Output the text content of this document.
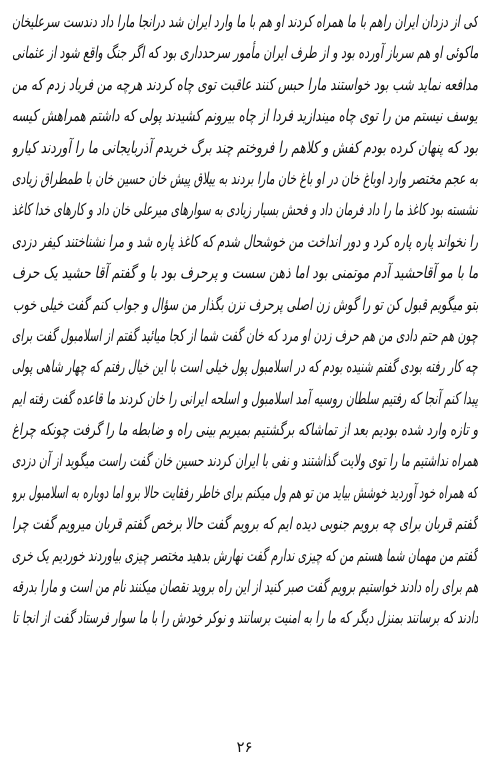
کی از دزدان ایران راهم با ما همراه کردند او هم با ما وارد ایران شد درانجا مارا داد دندست سرعلیخان
ماکوئی او هم سرباز آورده بود و از طرف ایران مأمور سرحدداری بود که اگر جنگ واقع شود از عثمانی
مدافعه نماید شب بود خواستند مارا حبس کنند عاقبت توی چاه کردند هرچه من فریاد زدم که من
یوسف نیستم من را توی چاه میندازید فردا از چاه بیرونم کشیدند پولی که داشتم همراهش کیسه
بود که پنهان کرده بودم کفش و کلاهم را فروختم چند برگ خریدم آذربایجانی ما را آوردند کیارو
به عجم مختصر وارد اوباغ خان در او باغ خان مارا بردند به ییلاق پیش خان حسین خان با طمطراق زیادی
نشسته بود کاغذ ما را داد فرمان داد و فحش بسیار زیادی به سوارهای میرعلی خان داد و کارهای خدا کاغذ
را نخواند پاره پاره کرد و دور انداخت من خوشحال شدم که کاغذ پاره شد و مرا نشناختند کیفر دزدی
ما با مو آقاحشید آدم موتمنی بود اما ذهن سست و پرحرف بود با و گفتم آقا حشید یک حرف
بتو میگویم قبول کن تو را گوش زن اصلی پرحرف نزن بگذار من سؤال و جواب کنم گفت خیلی خوب
چون هم حتم دادی من هم حرف زدن او مرد که خان گفت شما از کجا میائید گفتم از اسلامبول گفت برای
چه کار رفته بودی گفتم شنیده بودم که در اسلامبول پول خیلی است با این خیال رفتم که چهار شاهی پولی
پیدا کنم آنجا که رفتیم سلطان روسیه آمد اسلامبول و اسلحه ایرانی را خان کردند ما قاعده گفت رفته ایم
و تازه وارد شده بودیم بعد از تماشاکه برگشتیم بمیریم بینی راه و ضابطه ما را گرفت چونکه چراغ
همراه نداشتیم ما را توی ولایت گذاشتند و نفی با ایران کردند حسین خان گفت راست میگوید از آن دزدی
که همراه خود آوردید خوشش بیاید من تو هم ول میکنم برای خاطر رفقایت حالا برو اما دوباره به اسلامبول برو
گفتم قربان برای چه برویم جنوبی دیده ایم که برویم گفت حالا برخص گفتم قربان میرویم گفت چرا
گفتم من مهمان شما هستم من که چیزی ندارم گفت نهارش بدهید مختصر چیزی بیاوردند خوردیم یک خری
هم برای راه دادند خواستیم برویم گفت صبر کنید از این راه بروید نقصان میکنند نام من است و مارا بدرقه
دادند که برسانند بمنزل دیگر که ما را به امنیت برسانند و نوکر خودش را با ما سوار فرستاد گفت از انجا تا
۲۶
